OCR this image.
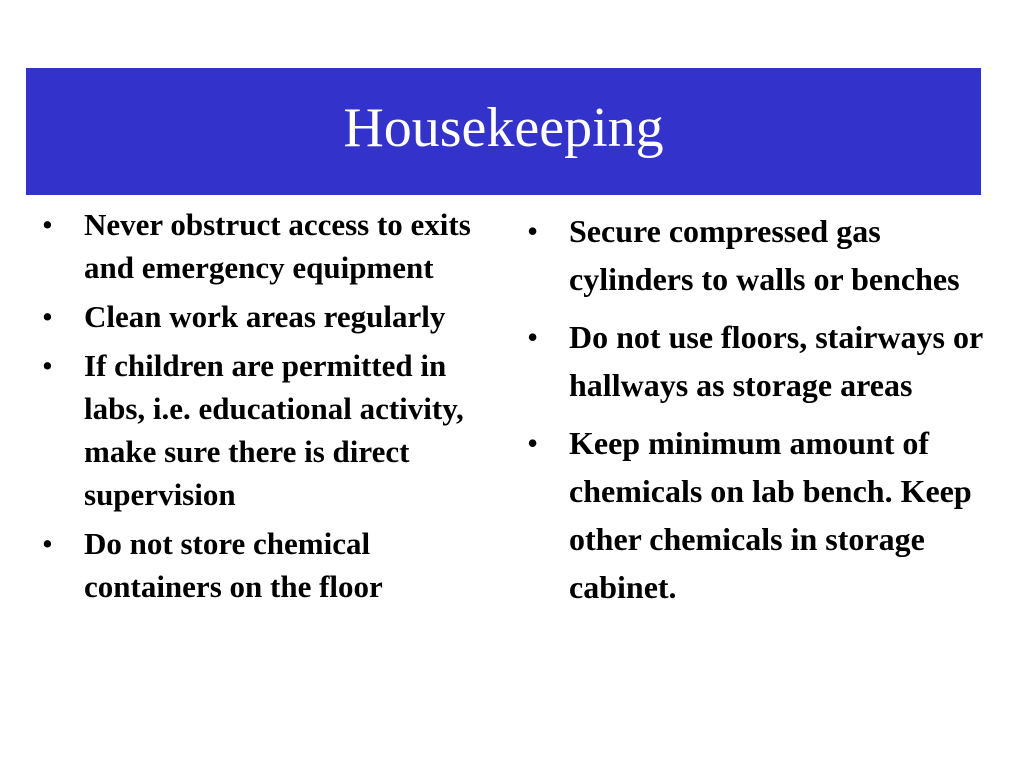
Housekeeping
• Never obstruct access to exits and emergency equipment
• Clean work areas regularly
• If children are permitted in labs, i.e. educational activity, make sure there is direct supervision
• Do not store chemical containers on the floor
• Secure compressed gas cylinders to walls or benches
• Do not use floors, stairways or hallways as storage areas
• Keep minimum amount of chemicals on lab bench. Keep other chemicals in storage cabinet.
